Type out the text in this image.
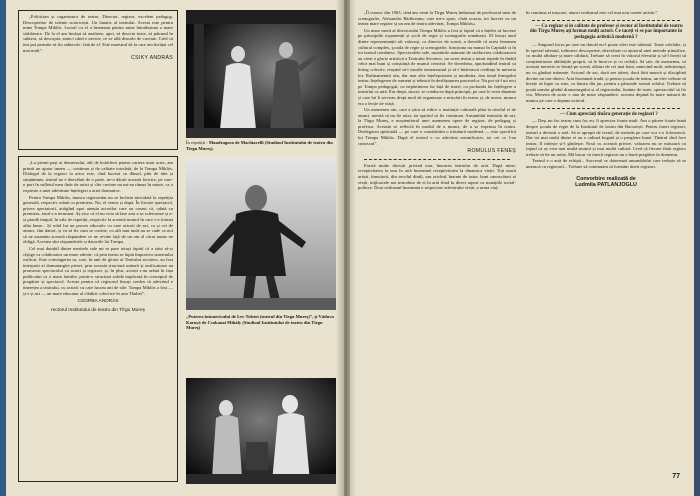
„Politician și organizator de teatru. Director, regizor, excelent pedagog. Descoperitor de talente actoricești. Un fanatic al teatrului. Acesta este pentru mine Tompa Miklós. Lucrul cu el a însemnat pentru mine întotdeauna o mare sărbătoare. De la el am învățat să analizez, apoi, să descriu texte, să pătrund în subtext, să descopăr, atunci când e nevoie, ce se află dincolo de cuvinte. Cred că imi pot permite să fiu subiectiv: fată de el. Este maestrul de la care am învățat cel mai mult”.

CSIKY ANDRÁS

„La primii pași ai demersului, atît de hotărîtori pentru cariera unui actor, am primit un ajutor imens — continuu și de calitate totodată, de la Tompa Miklós. Dialogul de la regizor la actor este, cînd lucrezi cu dînsul, plin de idei și simțăminte, teatrul ne e dezvăluit de o parte, ne-a dăruit această fericire, pe care-o port în sufletul meu tînăr de artist și cîte cuvinte nu mi-au rămas în minte, ca o expresie a unei adevărate înțelegeri a artei dramatice.

Pentru Tompa Miklós, munca regizorului nu se încheia niciodată la repetiția generală, respectiv odată cu premiera. Nu, el venea și după. În fiecare spectacol, privea spectatorii, atrăgînd apoi atenția actorilor care au crezut că, odată cu premiera, totul s-a terminat. Aș zice că el nu voia să lase arta a se sclerozeze și a-și piardă timpul, în sala de repetiții, respectiv la această muncă în care s-a format atîta lume... Și rolul lui un proces educativ cu care actorii de azi, ca și cei de atunci, sînt datori, și va să fie cum se cuvine, cu atît mai mult nu se cade ca noi să ne asumăm această răspundere ce ne revine față de un om al cărui nume ne obligă. Acestea sînt răspunderile și datoriile lui Tompa.

Cel mai durabil dintre meritele sale mi se pare totuși faptul că a știut să-și cîștige ca colaborator un mare adevăr: că prin teatru se luptă împotriva sistemului osificat. Este convingerea sa, care, în anii de glorie ai Teatrului secuiesc, au fost interpreți ai dramaturgiei piesei, prin această structură unitară și unificatoare au promovat spectacolul cu actori și regizori, și, în plus, actorii s-au arătat în fața publicului ca o mare familie, printr-o structură solidă implicată în conceptul de pregătire și spectacol. Acesta pentru că regizorul însuși credea că adevărul e tinerețea a teatrului, cu actorii cu care lucrau ani de zile. Tompa Miklós a fost — și e și azi — un mare educator al clădirii colective în arta Thaliei”.

CSORBA ANDRÁS
rectorul Institutului de teatru din Tîrgu Mureș
În repetiții : Mandragora de Machiavelli (Studioul Institutului de teatru din Tîrgu Mureș).
„Puterea întunericului de Lev Tolstoi (teatrul din Tîrgu Mureș)”, și Văduva Karoyó de Csokonai Mihály (Studioul Institutului de teatru din Tîrgu Mureș)

„Îl cunosc din 1963, cînd am venit la Tîrgu Mureș îndrumat de profesorul meu de scenografie, Alexandru Rădăceanu, care mi-a spus: «Iată ocazia, tot lucrezi cu un teatru mare regizor și un om de teatru adevărat, Tompa Miklós».

Un mare merit al directorului Tompa Miklós a fost și faptul că a înțeles să lucreze pe principiile exponenții și școli de regie și scenografie românești. El însuși unul dintre reprezentanții săi valoroși, ca director de scenă, a dovedit că acest fenomen cultural complex, școala de regie și scenografie, funcționa nu numai în Capitală ci în tot teatrul românesc. Spectacolele sale, montările animate de strălucirea colaboratorii au creat o glorie artistică a Teatrului Secuiesc, iar acest teatru a intrat repede în rîndul celor mai buni și conștiință de muncă creativă. Se dovedeau, aprofundînd teatrul ca întreg colectiv, reușind să-i insufle entuziasmul și să-i întărească credința în meseria lor. Rafinamentul său, dar mai ales înțelepciunea și modestia, dau tonul întregului teatru: înțelegerea de oameni și tehnică în desfășurarea proceselor. Nu pot să-l uit nici pe Tompa pedagogul, cu nepărtinirea lui față de tineri, cu profunda lui înțelegere a teatrului ca artă. Era drept, sincer, se conducea după principii, pe care le avea dinainte și care lui îi serveau drept mod de organizare a mișcării în teatru și, de aceea, munca era o lecție de viață.

Un asemenea om, care a știut să ridice o instituție culturală pînă la nivelul ei de atunci, merită să nu fie uitat, iar spiritul să fie continuat. Ansamblul teatrului de azi, la Tîrgu Mureș, e moștenitorul unei asemenea opere de regizor, de pedagog și profesor. Această se reflectă în modul de a munci, de a se exprima în teatru. Dezlegarea spirituală — pe care o considerăm o trăsătură modernă — este specifică lui Tompa Miklós. După el teatrul e cu adevărat semnificativ, tot cei ce l-au cunoscut”.

ROMULUS FENEȘ

Există multe direcții privind nou, înnoirea teatrului de artă. După mine, receptivitatea la nou în artă înseamnă receptivitatea la dinamica vieții. Toți marii artiști, înnoitorii, din secolul dintîi, sau oricînd, înainte de toate, buni cunoscători ai vieții, mijloacele noi introduse de ei în artă fiind în direct raport cu mutațiile social-politice. Doar realismul înseamnă o respectare adevărului vieții, a urma viaț-

în continua ei mișcare, atunci realismul este cel mai nou curent artistic”.

— Ca regizor și în calitate de profesor și rector al Institutului de teatru din Tîrgu Mureș ați format mulți actori. Ce taceți vi se par importante în pedagogia artistică modernă ?

— Singurul lucru pe care un dascăl nu-l poate oferi este talentul. Toate celelalte, și în special talentul, trebuiesc descoperite, dezvoltate cu ajutorul unei metode științifice, cu multă răbdare și mare căldură, Trebuie să crezi în viitorul elevului și să-l înveți să conștientizeze abilitățile proprii, să le încerce și cu ceilalți. Să știe, de asemenea, că această meserie se învață pe scenă, alături de cei mai buni, muncind mult, neîntrerupt, nu cu gînduri mărunte. Actorul de azi, dacă are talent, dacă fără muncă și disciplină devine un om-obiect. Arta înseamnă trudă, și pentru școala de teatru, un elev trebuie să învețe să lupte cu sine, cu lumea din jur, pentru a pătrunde sensul rolului. Trebuie să poată urmări gîndul dramaturgului și al regizorului, înainte de toate, spectacolul să fie viu. Meseria de actor e una de mare răspundere, acestea depind în mare măsură de munca pe care o depune actorul.

— Cum apreciați tînăra generație de regizori ?

— Deși nu fac teatru cum fac eu, îi apreciez foarte mult. Am o părere foarte bună despre școala de regie de la Institutul de teatru din București. Pentru tineri regizori, teatrul a devenit o artă. Să te apropii de textul, de metoda pe care vor s-o folosească. Dar tot mai mulți dintre ei au o cultură bogată și o pregătire bună. Tînărul cînd face teatru, îl trăiește și-l gîndește. Noul cu această privire, valoarea nu se măsoară cu faptul că aș vrea mai multă muncă și mai multă cultură. Cred că fiecare tînăr regizor trebuie să fie un artist. Mă bucur că tinerii regizori au o bună pregătire în domeniu.

Teatrul e o artă de echipă... Succesul se datorează ansamblului care trebuie să se unească cu regizorul... Trebuie să continuăm să formăm tineri regizori.

Convorbire realizată de
Ludmila PATLANJOGLU
77
